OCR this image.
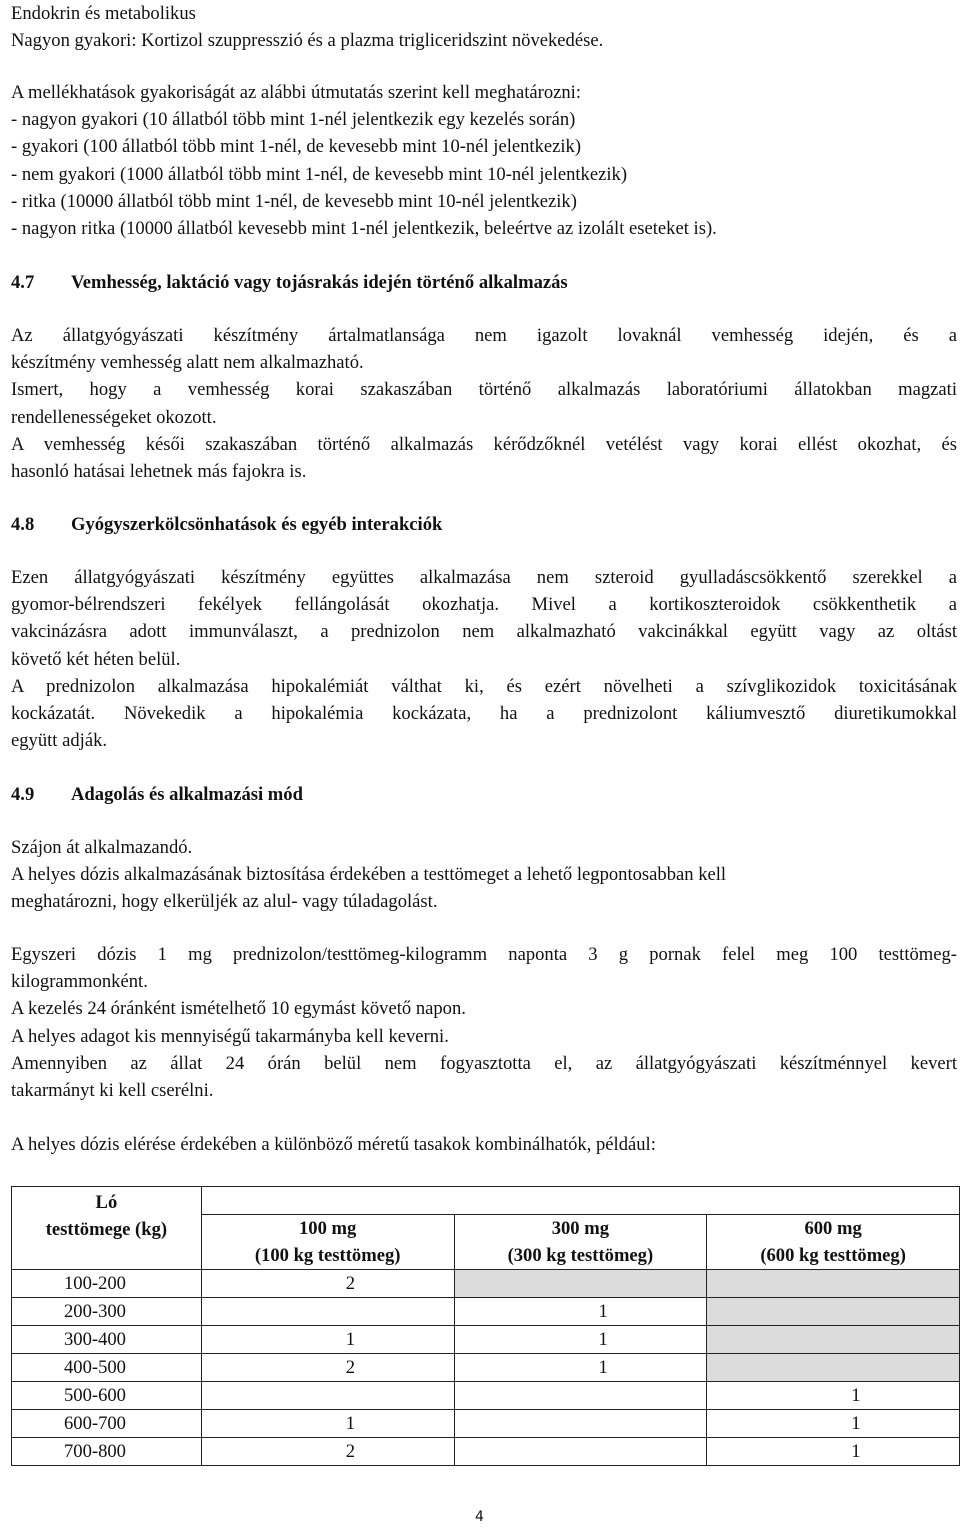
Endokrin és metabolikus
Nagyon gyakori: Kortizol szuppresszió és a plazma trigliceridszint növekedése.
A mellékhatások gyakoriságát az alábbi útmutatás szerint kell meghatározni:
- nagyon gyakori (10 állatból több mint 1-nél jelentkezik egy kezelés során)
- gyakori (100 állatból több mint 1-nél, de kevesebb mint 10-nél jelentkezik)
- nem gyakori (1000 állatból több mint 1-nél, de kevesebb mint 10-nél jelentkezik)
- ritka (10000 állatból több mint 1-nél, de kevesebb mint 10-nél jelentkezik)
- nagyon ritka (10000 állatból kevesebb mint 1-nél jelentkezik, beleértve az izolált eseteket is).
4.7 Vemhesség, laktáció vagy tojásrakás idején történő alkalmazás
Az állatgyógyászati készítmény ártalmatlansága nem igazolt lovaknál vemhesség idején, és a
készítmény vemhesség alatt nem alkalmazható.
Ismert, hogy a vemhesség korai szakaszában történő alkalmazás laboratóriumi állatokban magzati
rendellenességeket okozott.
A vemhesség késői szakaszában történő alkalmazás kérődzőknél vetélést vagy korai ellést okozhat, és
hasonló hatásai lehetnek más fajokra is.
4.8 Gyógyszerkölcsönhatások és egyéb interakciók
Ezen állatgyógyászati készítmény együttes alkalmazása nem szteroid gyulladáscsökkentő szerekkel a
gyomor-bélrendszeri fekélyek fellángolását okozhatja. Mivel a kortikoszteroidok csökkenthetik a
vakcinázásra adott immunválaszt, a prednizolon nem alkalmazható vakcinákkal együtt vagy az oltást
követő két héten belül.
A prednizolon alkalmazása hipokalémiát válthat ki, és ezért növelheti a szívglikozidok toxicitásának
kockázatát. Növekedik a hipokalémia kockázata, ha a prednizolont káliumvesztő diuretikumokkal
együtt adják.
4.9 Adagolás és alkalmazási mód
Szájon át alkalmazandó.
A helyes dózis alkalmazásának biztosítása érdekében a testtömeget a lehető legpontosabban kell
meghatározni, hogy elkerüljék az alul- vagy túladagolást.
Egyszeri dózis 1 mg prednizolon/testtömeg-kilogramm naponta 3 g pornak felel meg 100 testtömeg-
kilogrammonként.
A kezelés 24 óránként ismételhető 10 egymást követő napon.
A helyes adagot kis mennyiségű takarmányba kell keverni.
Amennyiben az állat 24 órán belül nem fogyasztotta el, az állatgyógyászati készítménnyel kevert
takarmányt ki kell cserélni.
A helyes dózis elérése érdekében a különböző méretű tasakok kombinálhatók, például:
Ló
testtömege (kg)			

	100 mg
(100 kg testtömeg)	300 mg
(300 kg testtömeg)	600 mg
(600 kg testtömeg)

100-200	2		
200-300		1	
300-400	1	1	
400-500	2	1	
500-600			1
600-700	1		1
700-800	2		1
4
